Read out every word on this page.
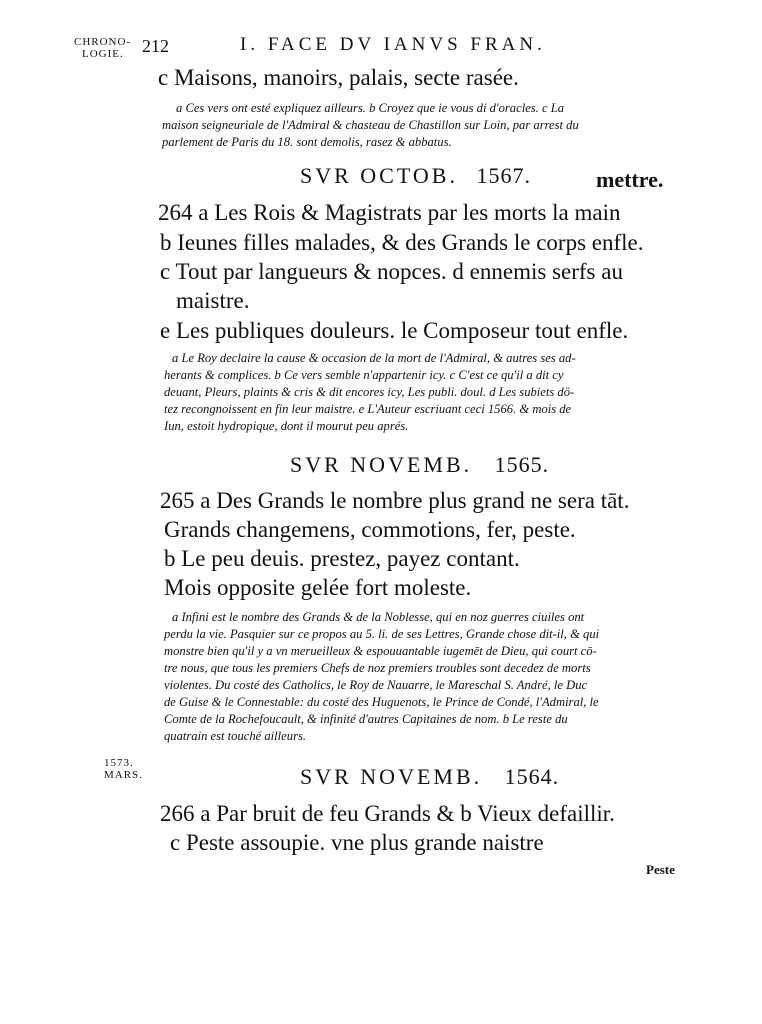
CHRONO-
LOGIE.	212	I. FACE DV IANVS FRAN.
c Maisons, manoirs, palais, secte rasée.

a Ces vers ont esté expliquez ailleurs. b Croyez que ie vous di d'oracles. c La

maison seigneuriale de l'Admiral & chasteau de Chastillon sur Loin, par arrest du

parlement de Paris du 18. sont demolis, rasez & abbatus.

SVR OCTOB. 1567.	mettre.
264 a Les Rois & Magistrats par les morts la main
b Ieunes filles malades, & des Grands le corps enfle.
c Tout par langueurs & nopces. d ennemis serfs au
maistre.
e Les publiques douleurs. le Composeur tout enfle.

a Le Roy declaire la cause & occasion de la mort de l'Admiral, & autres ses ad-

herants & complices. b Ce vers semble n'appartenir icy. c C'est ce qu'il a dit cy

deuant, Pleurs, plaints & cris & dit encores icy, Les publi. doul. d Les subiets dö-

tez recongnoissent en fin leur maistre. e L'Auteur escriuant ceci 1566. & mois de

Iun, estoit hydropique, dont il mourut peu aprés.

SVR NOVEMB. 1565.
265 a Des Grands le nombre plus grand ne sera tāt.
Grands changemens, commotions, fer, peste.
b Le peu deuis. prestez, payez contant.
Mois opposite gelée fort moleste.

a Infini est le nombre des Grands & de la Noblesse, qui en noz guerres ciuiles ont

perdu la vie. Pasquier sur ce propos au 5. li. de ses Lettres, Grande chose dit-il, & qui

monstre bien qu'il y a vn merueilleux & espouuantable iugemēt de Dieu, qui court cō-

tre nous, que tous les premiers Chefs de noz premiers troubles sont decedez de morts

violentes. Du costé des Catholics, le Roy de Nauarre, le Mareschal S. André, le Duc

de Guise & le Connestable: du costé des Huguenots, le Prince de Condé, l'Admiral, le

Comte de la Rochefoucault, & infinité d'autres Capitaines de nom. b Le reste du

quatrain est touché ailleurs.

1573.
MARS.	SVR NOVEMB. 1564.
266 a Par bruit de feu Grands & b Vieux defaillir.
c Peste assoupie. vne plus grande naistre
Peste
